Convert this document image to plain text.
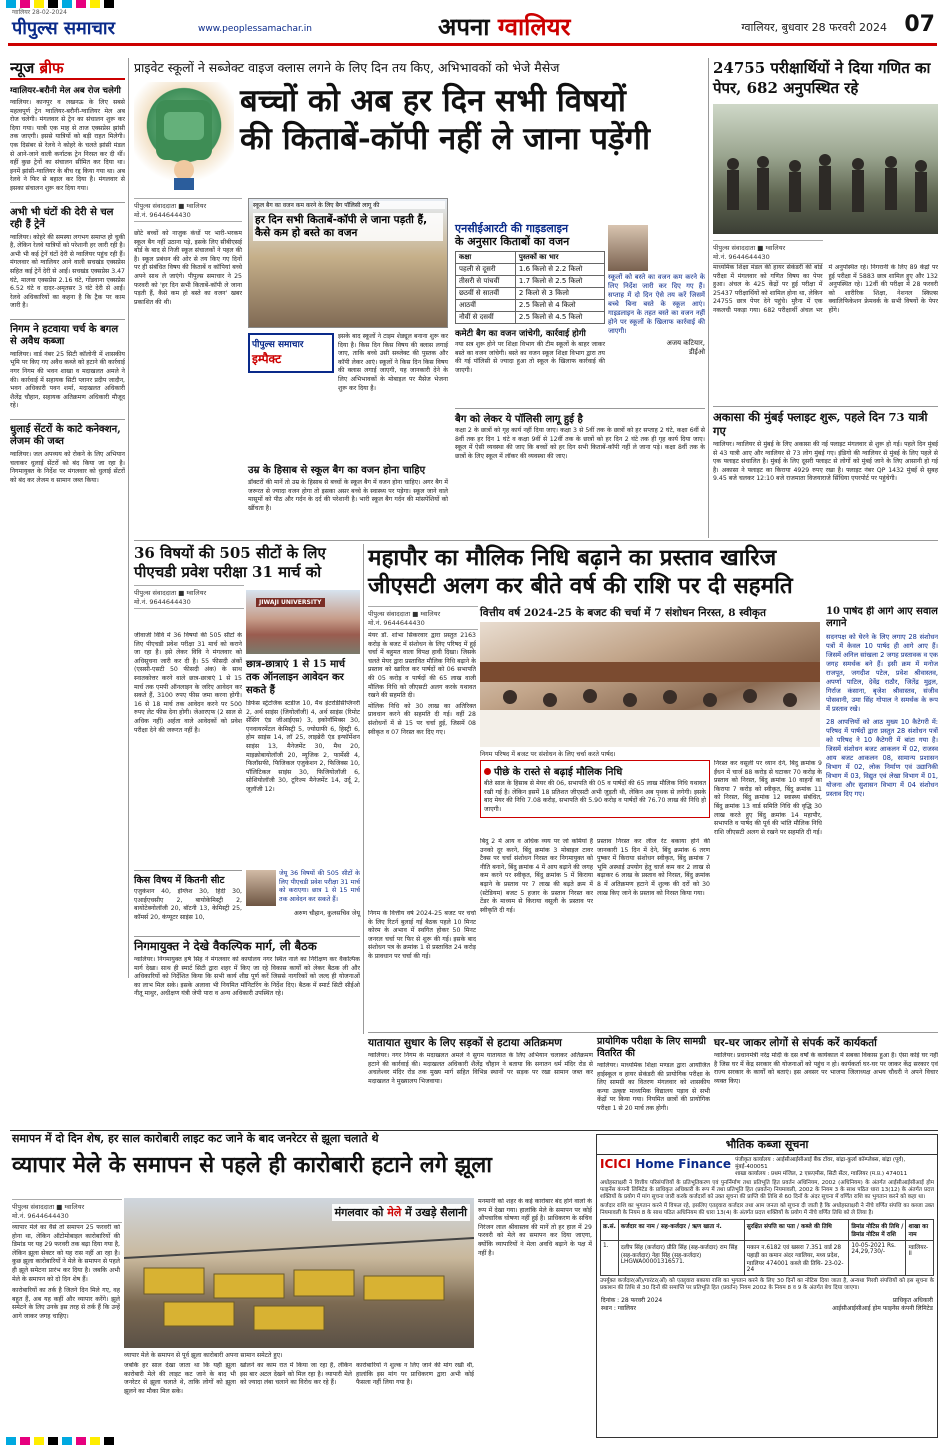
ग्वालियर 28-02-2024
पीपुल्स समाचार	www.peoplessamachar.in	अपना ग्वालियर	ग्वालियर, बुधवार 28 फरवरी 2024 07
न्यूज ब्रीफ
ग्वालियर-बरौनी मेल अब रोज चलेगी
ग्वालियर। कानपुर व लखनऊ के लिए सबसे महत्वपूर्ण ट्रेन ग्वालियर-बरौनी-ग्वालियर मेल अब रोज चलेगी। मंगलवार से ट्रेन का संचालन शुरू कर दिया गया। यात्री एक माह से ताज एक्सप्रेस झांसी तक जाएगी। इससे यात्रियों को बड़ी राहत मिलेगी। एक दिसंबर से रेलवे ने कोहरे के चलते झांसी मंडल से आने-जाने वाली कर्नाटक ट्रेन निरस्त कर दी थीं। वहीं कुछ ट्रेनों का संचालन सीमित कर दिया था। इनमें झांसी-ग्वालियर के बीच रद्द किया गया था। अब रेलवे ने फिर से बहाल कर दिया है। मंगलवार से इसका संचालन शुरू कर दिया गया।
अभी भी घंटों की देरी से चल रही हैं ट्रेनें
ग्वालियर। कोहरे की समस्या लगभग समाप्त हो चुकी है, लेकिन रेलवे यात्रियों को परेशानी हर जारी रही है। अभी भी कई ट्रेनें घंटों देरी से ग्वालियर पहुंच रही हैं। मंगलवार को ग्वालियर आने वाली सचखंड एक्सप्रेस सहित कई ट्रेनें देरी से आईं। सचखंड एक्सप्रेस 3.47 घंटे, मालवा एक्सप्रेस 2.16 घंटे, गोंडवाना एक्सप्रेस 6.52 घंटे व दादर-अमृतसर 3 घंटे देरी से आईं। रेलवे अधिकारियों का कहना है कि ट्रैक पर काम जारी है।
निगम ने हटवाया चर्च के बगल से अवैध कब्जा
ग्वालियर। वार्ड नंबर 25 सिटी कॉलोनी में शासकीय भूमि पर किए गए अवैध कब्जे को हटाने की कार्रवाई नगर निगम की भवन शाखा व मदाखलत अमले ने की। कार्रवाई में सहायक सिटी प्लानर प्रदीप जादौन, भवन अधिकारी पवन शर्मा, मदाखलत अधिकारी शैलेंद्र चौहान, सहायक अतिक्रमण अधिकारी मौजूद रहे।
धुलाई सेंटरों के काटे कनेक्शन, लेजम की जब्त
ग्वालियर। जल अपव्यय को रोकने के लिए अभियान चलाकर धुलाई सेंटरों को बंद किया जा रहा है। निगमायुक्त के निर्देश पर मंगलवार को धुलाई सेंटरों को बंद कर लेजम व सामान जब्त किया।
प्राइवेट स्कूलों ने सब्जेक्ट वाइज क्लास लगने के लिए दिन तय किए, अभिभावकों को भेजे मैसेज
बच्चों को अब हर दिन सभी विषयों
की किताबें-कॉपी नहीं ले जाना पड़ेंगी
पीपुल्स संवाददाता ■ ग्वालियर
मो.नं. 9644644430
स्कूल बैग का वजन कम करने के लिए बैग पॉलिसी लागू की
हर दिन सभी किताबें-कॉपी ले जाना पड़ती हैं, कैसे कम हो बस्ते का वजन
छोटे बच्चों को नाजुक कंधों पर भारी-भरकम स्कूल बैग नहीं उठाना पड़े, इसके लिए सीबीएसई बोर्ड के बाद से निजी स्कूल संचालकों ने पहल की है। स्कूल प्रबंधन की ओर से तय किए गए दिनों पर ही संबंधित विषय की किताबें व कॉपियां बच्चे अपने साथ ले जाएंगे। पीपुल्स समाचार ने 25 फरवरी को 'हर दिन सभी किताबें-कॉपी ले जाना पड़ती हैं, कैसे कम हो बस्ते का वजन' खबर प्रकाशित की थी।
पीपुल्स समाचार
इम्पैक्ट
इसके बाद स्कूलों ने टाइम शेड्यूल बनाना शुरू कर दिया है। किस दिन किस विषय की क्लास लगाई जाए, ताकि बच्चे उसी सब्जेक्ट की पुस्तक और कॉपी लेकर आएं। स्कूलों ने किस दिन किस विषय की क्लास लगाई जाएगी, यह जानकारी देने के लिए अभिभावकों के मोबाइल पर मैसेज भेजना शुरू कर दिया है।
एनसीईआरटी की गाइडलाइन
के अनुसार किताबों का वजन
कक्षा	पुस्तकों का भार
पहली से दूसरी	1.6 किलो से 2.2 किलो
तीसरी से पांचवीं	1.7 किलो से 2.5 किलो
छठवीं से सातवीं	2 किलो से 3 किलो
आठवीं	2.5 किलो से 4 किलो
नौवीं से दसवीं	2.5 किलो से 4.5 किलो
कमेटी बैग का वजन जांचेगी, कार्रवाई होगी
नया सत्र शुरू होने पर शिक्षा विभाग की टीम स्कूलों के बाहर जाकर बस्ते का वजन जांचेगी। बस्ते का वजन स्कूल शिक्षा विभाग द्वारा तय की गई पॉलिसी से ज्यादा हुआ तो स्कूल के खिलाफ कार्रवाई की जाएगी।
स्कूलों को बस्ते का वजन कम करने के लिए निर्देश जारी कर दिए गए हैं। सप्ताह में दो दिन ऐसे तय करें जिसमें बच्चे बिना बस्ते के स्कूल आएं। गाइडलाइन के तहत बस्ते का वजन नहीं होने पर स्कूलों के खिलाफ कार्रवाई की जाएगी।
अजय कटियार,
डीईओ
बैग को लेकर ये पॉलिसी लागू हुई है
कक्षा 2 के छात्रों को गृह कार्य नहीं दिया जाए। कक्षा 3 से 5वीं तक के छात्रों को हर सप्ताह 2 घंटे, कक्षा 6वीं से 8वीं तक हर दिन 1 घंटे व कक्षा 9वीं से 12वीं तक के छात्रों को हर दिन 2 घंटे तक ही गृह कार्य दिया जाए। स्कूल में ऐसी व्यवस्था की जाए कि बच्चों को हर दिन सभी किताबें-कॉपी नहीं ले जाना पड़े। कक्षा 8वीं तक के छात्रों के लिए स्कूल में लॉकर की व्यवस्था की जाए।
उम्र के हिसाब से स्कूल बैग का वजन होना चाहिए
डॉक्टरों की मानें तो उम्र के हिसाब से बच्चों के स्कूल बैग में वजन होना चाहिए। अगर बैग में जरूरत से ज्यादा वजन होगा तो इसका असर बच्चे के स्वास्थ्य पर पड़ेगा। स्कूल जाने वाले मासूमों को पीठ और गर्दन के दर्द की परेशानी है। भारी स्कूल बैग गर्दन की मांसपेशियों को खींचता है।
24755 परीक्षार्थियों ने दिया गणित का पेपर, 682 अनुपस्थित रहे
पीपुल्स संवाददाता ■ ग्वालियर
मो.नं. 9644644430
माध्यमिक शिक्षा मंडल की हायर सेकंडरी की बोर्ड परीक्षा में मंगलवार को गणित विषय का पेपर हुआ। अंचल के 425 केंद्रों पर हुई परीक्षा में 25437 परीक्षार्थियों को शामिल होना था, लेकिन 24755 छात्र पेपर देने पहुंचे। मुरैना में एक नकलची पकड़ा गया। 682 परीक्षार्थी अंचल भर में अनुपस्थित रहे। निगरानी के लिए 89 केंद्रों पर हुई परीक्षा में 5883 छात्र शामिल हुए और 132 अनुपस्थित रहे। 12वीं की परीक्षा में 28 फरवरी को शारीरिक शिक्षा, नेशनल स्किल्स क्वालिफिकेशन फ्रेमवर्क के सभी विषयों के पेपर होंगे।
अकासा की मुंबई फ्लाइट शुरू, पहले दिन 73 यात्री गए
ग्वालियर। ग्वालियर से मुंबई के लिए अकासा की नई फ्लाइट मंगलवार से शुरू हो गई। पहले दिन मुंबई से 43 यात्री आए और ग्वालियर से 73 लोग मुंबई गए। इंडिगो की ग्वालियर से मुंबई के लिए पहले से एक फ्लाइट संचालित है। मुंबई के लिए दूसरी फ्लाइट से लोगों को मुंबई जाने के लिए आसानी हो गई है। अकासा ने फ्लाइट का किराया 4929 रुपए रखा है। फ्लाइट नंबर QP 1432 मुंबई से सुबह 9.45 बजे चलकर 12:10 बजे राजमाता विजयाराजे सिंधिया एयरपोर्ट पर पहुंचेगी।
36 विषयों की 505 सीटों के लिए पीएचडी प्रवेश परीक्षा 31 मार्च को
पीपुल्स संवाददाता ■ ग्वालियर
मो.नं. 9644644430	JIWAJI UNIVERSITY
जीवाजी विवि में 36 विषयों की 505 सीटों के लिए पीएचडी प्रवेश परीक्षा 31 मार्च को कराने जा रहा है। इसे लेकर विवि ने मंगलवार को अधिसूचना जारी कर दी है। 55 फीसदी अंकों (एससी-एसटी 50 फीसदी अंक) के साथ स्नातकोत्तर करने वाले छात्र-छात्राएं 1 से 15 मार्च तक एमपी ऑनलाइन के जरिए आवेदन कर सकते हैं, 3100 रुपए फीस जमा करना होगी। 16 से 18 मार्च तक आवेदन करने पर 500 रुपए लेट फीस देना होगी। जेआरएफ (2 साल से अधिक नहीं) अर्हता वाले आवेदकों को प्रवेश परीक्षा देने की जरूरत नहीं है।
छात्र-छात्राएं 1 से 15 मार्च तक ऑनलाइन आवेदन कर सकते हैं
डिफेंस स्ट्रेटजिक स्टडीज 10, मैथ इंटरडिसिप्लिनरी 2, अर्थ साइंस (जियोलॉजी) 4, अर्थ साइंस (रिमोट सेंसिंग एंड जीआईएस) 3, इकोनॉमिक्स 30, एनवायरमेंटल केमिस्ट्री 5, ज्योग्राफी 6, हिस्ट्री 6, होम साइंस 14, लॉ 25, लाइब्रेरी एंड इन्फॉर्मेशन साइंस 13, मैनेजमेंट 30, मैथ 20, माइक्रोबायोलॉजी 20, म्यूजिक 2, फार्मेसी 4, फिलॉसफी, फिजिकल एजुकेशन 2, फिजिक्स 10, पॉलिटिकल साइंस 30, फिजियोलॉजी 6, सोशियोलॉजी 30, टूरिज्म मैनेजमेंट 14, उर्दू 2, जूलॉजी 12।
किस विषय में कितनी सीट
एजुकेशन 40, इंग्लिश 30, हिंदी 30, एआईएचसीए 2, बायोकेमिस्ट्री 2, बायोटेक्नोलॉजी 20, बॉटनी 13, केमिस्ट्री 25, कॉमर्स 20, कंप्यूटर साइंस 10,
जेयू 36 विषयों की 505 सीटों के लिए पीएचडी प्रवेश परीक्षा 31 मार्च को कराएगा। छात्र 1 से 15 मार्च तक आवेदन कर सकते हैं।
अरुण चौहान, कुलसचिव जेयू
निगमायुक्त ने देखे वैकल्पिक मार्ग, ली बैठक
ग्वालियर। निगमायुक्त हर्ष सिंह ने मंगलवार को कार्यालय नगर स्थित नाले का निरीक्षण कर वैकल्पिक मार्ग देखा। साथ ही स्मार्ट सिटी द्वारा शहर में किए जा रहे विकास कार्यों को लेकर बैठक ली और अधिकारियों को निर्देशित किया कि सभी कार्य शीघ्र पूर्ण करें जिससे नागरिकों को जल्द ही योजनाओं का लाभ मिल सके। इसके अलावा भी नियमित मॉनिटरिंग के निर्देश दिए। बैठक में स्मार्ट सिटी सीईओ नीतू माथुर, अधीक्षण यंत्री जेपी पारा व अन्य अधिकारी उपस्थित रहे।
महापौर का मौलिक निधि बढ़ाने का प्रस्ताव खारिज
जीएसटी अलग कर बीते वर्ष की राशि पर दी सहमति
पीपुल्स संवाददाता ■ ग्वालियर
मो.नं. 9644644430
वित्तीय वर्ष 2024-25 के बजट की चर्चा में 7 संशोधन निरस्त, 8 स्वीकृत
निगम परिषद में बजट पर संशोधन के लिए चर्चा करते पार्षद।
मेयर डॉ. शोभा सिकरवार द्वारा प्रस्तुत 2163 करोड़ के बजट में संशोधन के लिए परिषद में हुई चर्चा में बहुमत वाला विपक्ष हावी दिखा। जिसके चलते मेयर द्वारा प्रस्तावित मौलिक निधि बढ़ाने के प्रस्ताव को खारिज कर पार्षदों को 06 सभापति की 05 करोड़ व पार्षदों की 65 लाख वाली मौलिक निधि को जीएसटी अलग करके यथावत रखने की सहमति दी।
मोलिक निधि को 30 लाख का अतिरिक्त प्रावधान करने की सहमति दी गई। वहीं 28 संशोधनों में से 15 पर चर्चा हुई, जिसमें 08 स्वीकृत व 07 निरस्त कर दिए गए।
पीछे के रास्ते से बढ़ाई मौलिक निधि
बीते साल के हिसाब से मेयर की 06, सभापति की 05 व पार्षदों की 65 लाख मौलिक निधि यथावत रखी गई है। लेकिन इसमें 18 प्रतिशत जीएसटी अभी जुड़ती थी, लेकिन अब पृथक से लगेगी। इसके बाद मेयर की निधि 7.08 करोड़, सभापति की 5.90 करोड़ व पार्षदों की 76.70 लाख की निधि हो जाएगी।
निगम के वित्तीय वर्ष 2024-25 बजट पर चर्चा के लिए रिटर्न बुलाई गई बैठक पहले 10 मिनट कोरम के अभाव में स्थगित होकर 50 मिनट जनरल चर्चा पर फिर से शुरू की गई। इसके बाद संशोधन पत्र के क्रमांक 1 से प्रस्तावित 24 करोड़ के प्रावधान पर चर्चा की गई।
बिंदु 2 में आय व अधिक व्यय पर जो कमियां हैं उनको दूर करने, बिंदु क्रमांक 3 मोबाइल टावर टैक्स पर चर्चा संशोधन निरस्त कर निगमायुक्त को नीति बनाने, बिंदु क्रमांक 4 में आय बढ़ाने की जगह कम करने पर स्वीकृत, बिंदु क्रमांक 5 में किराया बढ़ाने के प्रस्ताव पर 7 लाख की बढ़ते क्रम में (स्टेडियम) बजट 5 हजार के प्रस्ताव निरस्त कर टेंडर के माध्यम से किराया वसूली के प्रस्ताव पर स्वीकृति दी गई।
प्रस्ताव निरस्त कर लीज रेट बकाया होने की जानकारी 15 दिन में देने, बिंदु क्रमांक 6 तरण पुष्कर में किराया संशोधन स्वीकृत, बिंदु क्रमांक 7 भूमि अस्थाई उपयोग हेतु चार्ज कम कर 2 लाख से बढ़ाकर 6 लाख के प्रस्ताव को निरस्त, बिंदु क्रमांक 8 में अतिक्रमण हटाने में शुल्क की दरों को 30 लाख किए जाने के प्रस्ताव को निरस्त किया गया।
निरस्त कर वसूली पर ध्यान देने, बिंदु क्रमांक 9 ईंधन में चार्ज 88 करोड़ से घटाकर 70 करोड़ के प्रस्ताव को निरस्त, बिंदु क्रमांक 10 वाहनों का किराया 7 करोड़ को स्वीकृत, बिंदु क्रमांक 11 को निरस्त, बिंदु क्रमांक 12 स्वास्थ्य संबंधित, बिंदु क्रमांक 13 वार्ड समिति निधि की वृद्धि 30 लाख करते हुए बिंदु क्रमांक 14 महापौर, सभापति व पार्षद की पूर्व की भांति मौलिक निधि राशि जीएसटी अलग से रखने पर सहमति दी गई।
10 पार्षद ही आगे आए सवाल लगाने
सदनपक्ष को घेरने के लिए लगाए 28 संशोधन पत्रों में केवल 10 पार्षद ही आगे आए हैं। जिसमें अनिल सांखला 2 जगह प्रस्तावक व एक जगह समर्थक बने हैं। इसी क्रम में मनोज राजपूत, जगदीश पटेल, प्रवेश श्रीवास्तव, अपर्णा पाटिल, देवेंद्र राठौर, जितेंद्र मुद्गल, गिर्राज कंसाना, बृजेश श्रीवास्तव, संजीव पोसवानी, उमा सिंह गोपाल ने समर्थक के रूप में प्रस्ताव रखे।
28 आपत्तियों को आठ मुख्य 10 कैटेगरी में: परिषद में पार्षदों द्वारा प्रस्तुत 28 संशोधन पत्रों को परिषद ने 10 कैटेगरी में बांटा गया है। जिसमें संशोधन बजट आकलन में 02, राजस्व आय बजट आकलन 08, सामान्य प्रशासन विभाग में 02, लोक निर्माण एवं उद्यानिकी विभाग में 03, विद्युत एवं लेखा विभाग में 01, योजना और सुशासन विभाग में 04 संशोधन प्रस्ताव दिए गए।
यातायात सुधार के लिए सड़कों से हटाया अतिक्रमण
ग्वालियर। नगर निगम के मदाखलत अमले ने सुगम यातायात के लिए अभियान चलाकर अतिक्रमण हटाने की कार्रवाई की। मदाखलत अधिकारी शैलेंद्र चौहान ने बताया कि सनातन धर्म मंदिर रोड से अचलेश्वर मंदिर रोड तक मुख्य मार्ग सहित विभिन्न स्थानों पर सड़क पर रखा सामान जब्त कर मदाखलत ने मुख्यालय भिजवाया।
प्रायोगिक परीक्षा के लिए सामग्री वितरित की
ग्वालियर। माध्यमिक शिक्षा मण्डल द्वारा आयोजित हाईस्कूल व हायर सेकंडरी की प्रायोगिक परीक्षा के लिए सामग्री का वितरण मंगलवार को शासकीय कन्या उत्कृष्ट माध्यमिक विद्यालय पड़ाव से सभी केंद्रों पर किया गया। नियमित छात्रों की प्रायोगिक परीक्षा 1 से 20 मार्च तक होगी।
घर-घर जाकर लोगों से संपर्क करें कार्यकर्ता
ग्वालियर। प्रधानमंत्री नरेंद्र मोदी के दस वर्षों के कार्यकाल में सबका विकास हुआ है। ऐसा कोई घर नहीं है जिस घर में केंद्र सरकार की योजनाओं को पहुंच न हो। कार्यकर्ता घर-घर पर जाकर केंद्र सरकार एवं राज्य सरकार के कार्यों को बताएं। इस अवसर पर भाजपा जिलाध्यक्ष अभय चौधरी ने अपने विचार व्यक्त किए।
समापन में दो दिन शेष, हर साल कारोबारी लाइट कट जाने के बाद जनरेटर से झूला चलाते थे
व्यापार मेले के समापन से पहले ही कारोबारी हटाने लगे झूला
पीपुल्स संवाददाता ■ ग्वालियर
मो.नं. 9644644430
व्यापार मेले का वैसे तो समापन 25 फरवरी को होना था, लेकिन ऑटोमोबाइल कारोबारियों की डिमांड पर यह 29 फरवरी तक बढ़ा दिया गया है, लेकिन झूला सेक्टर को यह रास नहीं आ रहा है। कुछ झूला कारोबारियों ने मेले के समापन से पहले ही झूले समेटना प्रारंभ कर दिया है। जबकि अभी मेले के समापन को दो दिन शेष हैं।
कारोबारियों का तर्क है जितने दिन मिले गए, वह बहुत हैं, अब यह कहीं और व्यापार करेंगे। झूले समेटने के लिए उनके इस तरह से तर्क हैं कि उन्हें आगे जाकर जगह चाहिए।
मंगलवार को मेले में उखड़े सैलानी
व्यापार मेले के समापन से पूर्व झूला कारोबारी अपना सामान समेटते हुए।
जबकि हर साल देखा जाता था कि यही झूला कारोबारी मेले की लाइट कट जाने के बाद भी जनरेटर से झूला चलाते थे, ताकि लोगों को झूला झूलने का मौका मिल सके।
खोलने का काम रात में किया जा रहा है, लेकिन इस बार अटल देखने को मिल रहा है। व्यापारी मेले को ज्यादा लंबा चलाने का विरोध कर रहे हैं।
कारोबारियों ने शुल्क न लिए जाने की मांग रखी थी, हालांकि इस मांग पर प्राधिकरण द्वारा अभी कोई फैसला नहीं लिया गया है।
मनमानी को शहर के कई कारोबार बंद होने वालों के रूप में देखा गया। हालांकि मेले के समापन पर कोई औपचारिक घोषणा नहीं हुई है। प्राधिकरण के सचिव निरंजन लाल श्रीवास्तव की मानें तो हर हाल में 29 फरवरी को मेले का समापन कर दिया जाएगा, क्योंकि व्यापारियों ने मेला अवधि बढ़ाने के पक्ष में नहीं है।
भौतिक कब्जा सूचना
ICICI Home Finance पंजीकृत कार्यालय : आईसीआईसीआई बैंक टॉवर, बांद्रा-कुर्ला कॉम्प्लेक्स, बांद्रा (पूर्व), मुंबई-400051
शाखा कार्यालय : प्रथम मंजिल, 2 एफ़एमीस, सिटी सेंटर, ग्वालियर (म.प्र.) 474011
अधोहस्ताक्षरी ने वित्तीय परिसंपत्तियों के प्रतिभूतिकरण एवं पुनर्निर्माण तथा प्रतिभूति हित प्रवर्तन अधिनियम, 2002 (अधिनियम) के अंतर्गत आईसीआईसीआई होम फाइनेंस कंपनी लिमिटेड के प्राधिकृत अधिकारी के रूप में तथा प्रतिभूति हित (प्रवर्तन) नियमावली, 2002 के नियम 3 के साथ पठित धारा 13(12) के अंतर्गत प्रदत्त शक्तियों के प्रयोग में मांग सूचना जारी करके कर्जदारों को उक्त सूचना की प्राप्ति की तिथि से 60 दिनों के अंदर सूचना में वर्णित राशि का भुगतान करने को कहा था।
कर्जदार राशि का भुगतान करने में विफल रहे, इसलिए एतद्द्वारा कर्जदार तथा आम जनता को सूचना दी जाती है कि अधोहस्ताक्षरी ने नीचे वर्णित संपत्ति का कब्जा उक्त नियमावली के नियम 8 के साथ पठित अधिनियम की धारा 13(4) के अंतर्गत प्रदत्त शक्तियों के प्रयोग में नीचे वर्णित तिथि को ले लिया है।
क्र.सं.	कर्जदार का नाम / सह-कर्जदार / ऋण खाता नं.	सुरक्षित संपत्ति का पता / कब्जे की तिथि	डिमांड नोटिस की तिथि / डिमांड नोटिस में राशि	शाखा का नाम
1.	दलीप सिंह (कर्जदार) प्रीति सिंह (सह-कर्जदार) राम सिंह (सह-कर्जदार) नेहा सिंह (सह-कर्जदार) LHGWA00001316571.	मकान न.6182 एवं खसरा 7.351 वार्ड 28 पहाड़ी का कमान अंदर ग्वालियर, मध्य प्रदेश, ग्वालियर 474001 कब्जे की तिथि- 23-02-24	10-05-2021 Rs. 24,29,730/-	ग्वालियर-II
उपर्युक्त कर्जदार(ओं)/गारंटर(ओं) को एतद्द्वारा बकाया राशि का भुगतान करने के लिए 30 दिनों का नोटिस दिया जाता है, अन्यथा गिरवी संपत्तियों को इस सूचना के प्रकाशन की तिथि से 30 दिनों की समाप्ति पर प्रतिभूति हित (प्रवर्तन) नियम 2002 के नियम 8 व 9 के अंतर्गत बेच दिया जाएगा।
दिनांक : 28 फरवरी 2024
स्थान : ग्वालियर
प्राधिकृत अधिकारी
आईसीआईसीआई होम फाइनेंस कंपनी लिमिटेड
